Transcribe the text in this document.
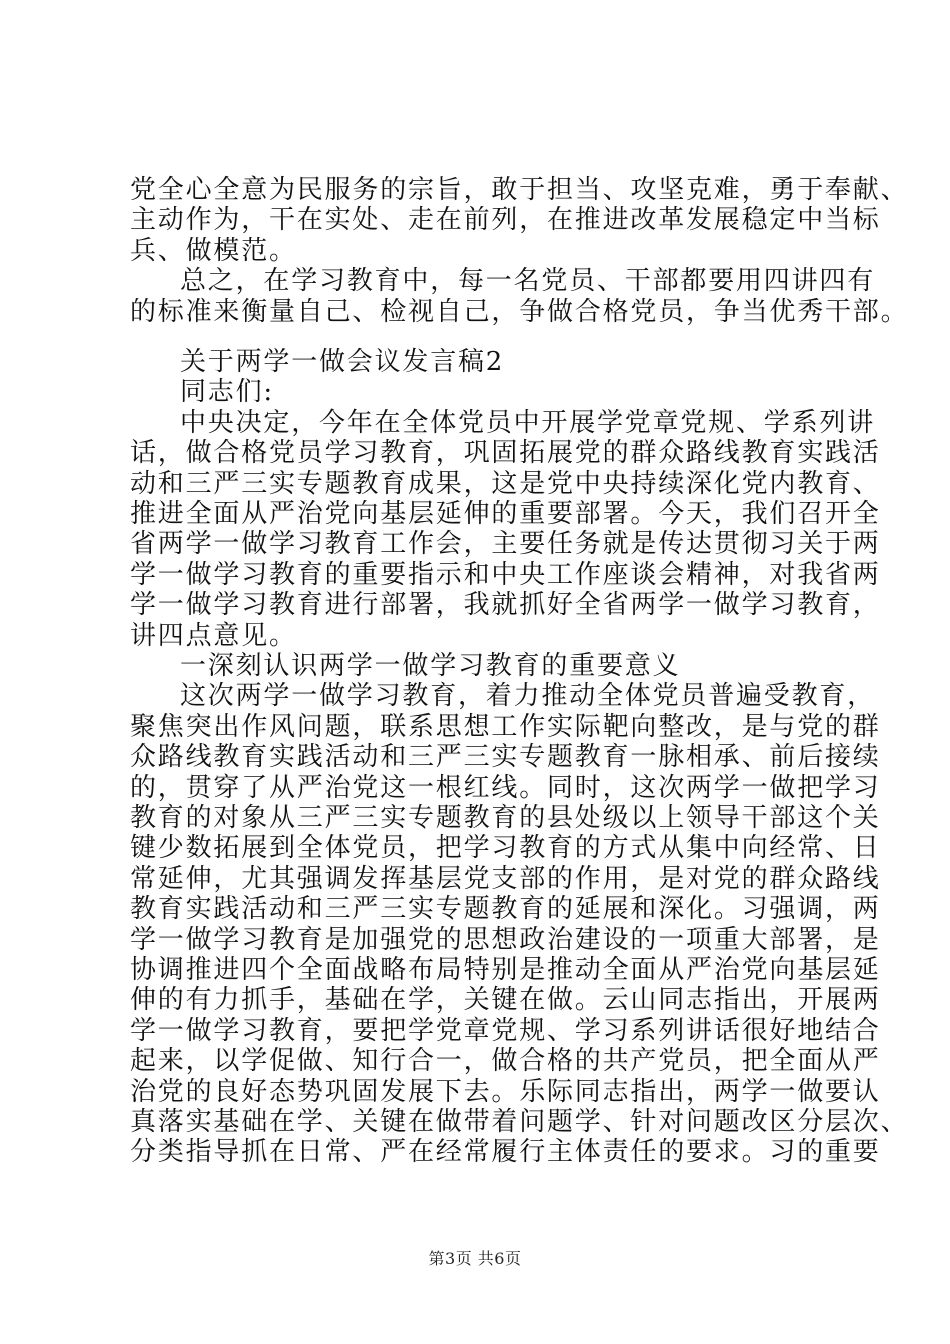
第3页 共6页
党全心全意为民服务的宗旨，敢于担当、攻坚克难，勇于奉献、
主动作为，干在实处、走在前列，在推进改革发展稳定中当标
兵、做模范。
总之，在学习教育中，每一名党员、干部都要用四讲四有
的标准来衡量自己、检视自己，争做合格党员，争当优秀干部。
关于两学一做会议发言稿2
同志们:
中央决定，今年在全体党员中开展学党章党规、学系列讲
话，做合格党员学习教育，巩固拓展党的群众路线教育实践活
动和三严三实专题教育成果，这是党中央持续深化党内教育、
推进全面从严治党向基层延伸的重要部署。今天，我们召开全
省两学一做学习教育工作会，主要任务就是传达贯彻习关于两
学一做学习教育的重要指示和中央工作座谈会精神，对我省两
学一做学习教育进行部署，我就抓好全省两学一做学习教育，
讲四点意见。
一深刻认识两学一做学习教育的重要意义
这次两学一做学习教育，着力推动全体党员普遍受教育，
聚焦突出作风问题，联系思想工作实际靶向整改，是与党的群
众路线教育实践活动和三严三实专题教育一脉相承、前后接续
的，贯穿了从严治党这一根红线。同时，这次两学一做把学习
教育的对象从三严三实专题教育的县处级以上领导干部这个关
键少数拓展到全体党员，把学习教育的方式从集中向经常、日
常延伸，尤其强调发挥基层党支部的作用，是对党的群众路线
教育实践活动和三严三实专题教育的延展和深化。习强调，两
学一做学习教育是加强党的思想政治建设的一项重大部署，是
协调推进四个全面战略布局特别是推动全面从严治党向基层延
伸的有力抓手，基础在学，关键在做。云山同志指出，开展两
学一做学习教育，要把学党章党规、学习系列讲话很好地结合
起来，以学促做、知行合一，做合格的共产党员，把全面从严
治党的良好态势巩固发展下去。乐际同志指出，两学一做要认
真落实基础在学、关键在做带着问题学、针对问题改区分层次、
分类指导抓在日常、严在经常履行主体责任的要求。习的重要
